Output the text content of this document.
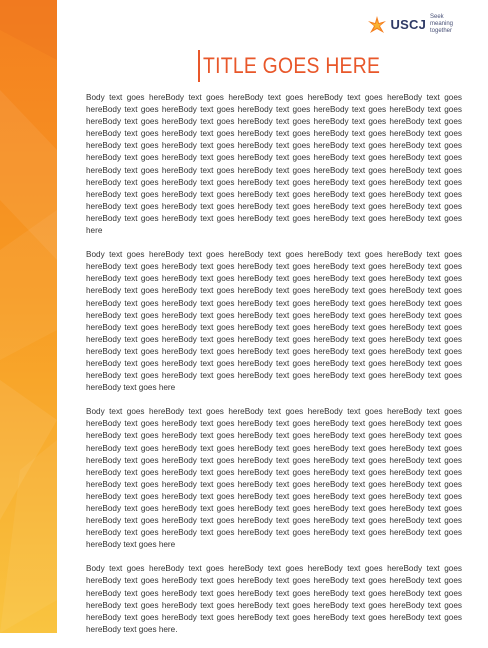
USCJ Seek meaning together
TITLE GOES HERE

Body text goes hereBody text goes hereBody text goes hereBody text goes hereBody text goes hereBody text goes hereBody text goes hereBody text goes hereBody text goes hereBody text goes hereBody text goes hereBody text goes hereBody text goes hereBody text goes hereBody text goes hereBody text goes hereBody text goes hereBody text goes hereBody text goes hereBody text goes hereBody text goes hereBody text goes hereBody text goes hereBody text goes hereBody text goes hereBody text goes hereBody text goes hereBody text goes hereBody text goes hereBody text goes hereBody text goes hereBody text goes hereBody text goes hereBody text goes hereBody text goes hereBody text goes hereBody text goes hereBody text goes hereBody text goes hereBody text goes hereBody text goes hereBody text goes hereBody text goes hereBody text goes hereBody text goes hereBody text goes hereBody text goes hereBody text goes hereBody text goes hereBody text goes hereBody text goes hereBody text goes hereBody text goes hereBody text goes hereBody text goes here

Body text goes hereBody text goes hereBody text goes hereBody text goes hereBody text goes hereBody text goes hereBody text goes hereBody text goes hereBody text goes hereBody text goes hereBody text goes hereBody text goes hereBody text goes hereBody text goes hereBody text goes hereBody text goes hereBody text goes hereBody text goes hereBody text goes hereBody text goes hereBody text goes hereBody text goes hereBody text goes hereBody text goes hereBody text goes hereBody text goes hereBody text goes hereBody text goes hereBody text goes hereBody text goes hereBody text goes hereBody text goes hereBody text goes hereBody text goes hereBody text goes hereBody text goes hereBody text goes hereBody text goes hereBody text goes hereBody text goes hereBody text goes hereBody text goes hereBody text goes hereBody text goes hereBody text goes hereBody text goes hereBody text goes hereBody text goes hereBody text goes hereBody text goes hereBody text goes hereBody text goes hereBody text goes hereBody text goes hereBody text goes hereBody text goes here

Body text goes hereBody text goes hereBody text goes hereBody text goes hereBody text goes hereBody text goes hereBody text goes hereBody text goes hereBody text goes hereBody text goes hereBody text goes hereBody text goes hereBody text goes hereBody text goes hereBody text goes hereBody text goes hereBody text goes hereBody text goes hereBody text goes hereBody text goes hereBody text goes hereBody text goes hereBody text goes hereBody text goes hereBody text goes hereBody text goes hereBody text goes hereBody text goes hereBody text goes hereBody text goes hereBody text goes hereBody text goes hereBody text goes hereBody text goes hereBody text goes hereBody text goes hereBody text goes hereBody text goes hereBody text goes hereBody text goes hereBody text goes hereBody text goes hereBody text goes hereBody text goes hereBody text goes hereBody text goes hereBody text goes hereBody text goes hereBody text goes hereBody text goes hereBody text goes hereBody text goes hereBody text goes hereBody text goes hereBody text goes hereBody text goes here

Body text goes hereBody text goes hereBody text goes hereBody text goes hereBody text goes hereBody text goes hereBody text goes hereBody text goes hereBody text goes hereBody text goes hereBody text goes hereBody text goes hereBody text goes hereBody text goes hereBody text goes hereBody text goes hereBody text goes hereBody text goes hereBody text goes hereBody text goes hereBody text goes hereBody text goes hereBody text goes hereBody text goes hereBody text goes hereBody text goes here.
